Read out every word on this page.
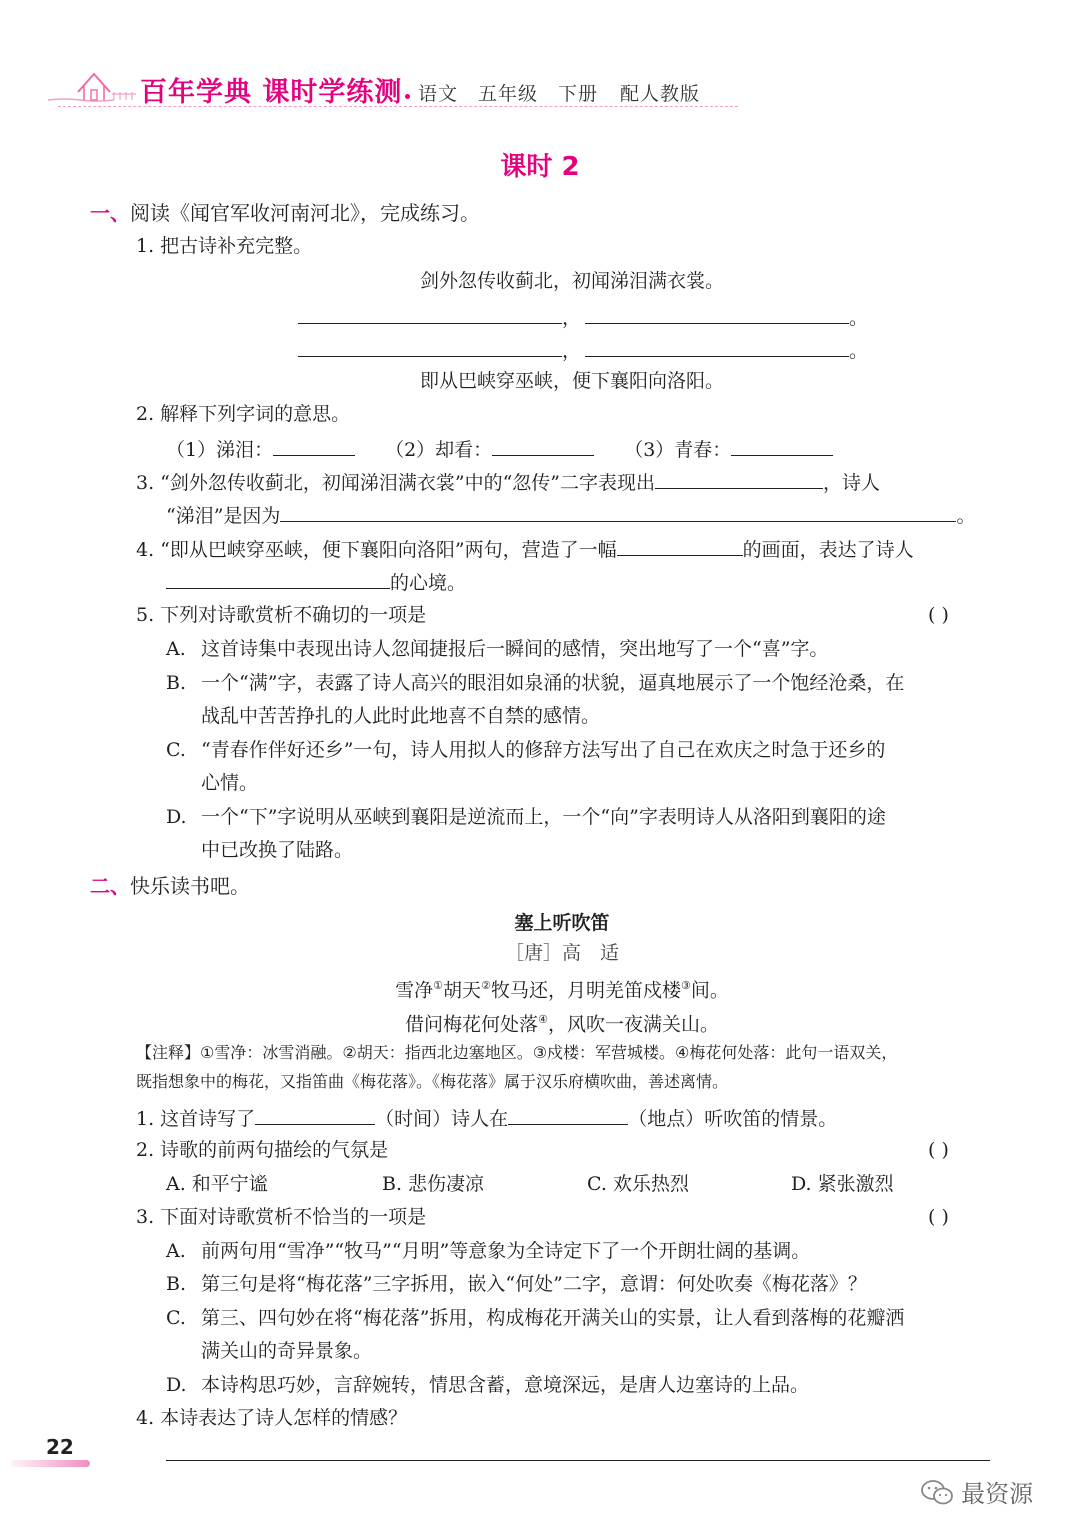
百年学典 课时学练测 语文 五年级 下册 配人教版
课时 2
一、阅读《闻官军收河南河北》，完成练习。
1. 把古诗补充完整。
剑外忽传收蓟北，初闻涕泪满衣裳。
，	。
，	。
即从巴峡穿巫峡，便下襄阳向洛阳。
2. 解释下列字词的意思。
（1）涕泪：	（2）却看：	（3）青春：
3. “剑外忽传收蓟北，初闻涕泪满衣裳”中的“忽传”二字表现出	，诗人
“涕泪”是因为	。
4. “即从巴峡穿巫峡，便下襄阳向洛阳”两句，营造了一幅	的画面，表达了诗人
的心境。
5. 下列对诗歌赏析不确切的一项是	( )
A. 这首诗集中表现出诗人忽闻捷报后一瞬间的感情，突出地写了一个“喜”字。
B. 一个“满”字，表露了诗人高兴的眼泪如泉涌的状貌，逼真地展示了一个饱经沧桑，在
战乱中苦苦挣扎的人此时此地喜不自禁的感情。
C. “青春作伴好还乡”一句，诗人用拟人的修辞方法写出了自己在欢庆之时急于还乡的
心情。
D. 一个“下”字说明从巫峡到襄阳是逆流而上，一个“向”字表明诗人从洛阳到襄阳的途
中已改换了陆路。
二、快乐读书吧。
塞上听吹笛
［唐］高　适
雪净①胡天②牧马还，月明羌笛戍楼③间。
借问梅花何处落④，风吹一夜满关山。
【注释】①雪净：冰雪消融。②胡天：指西北边塞地区。③戍楼：军营城楼。④梅花何处落：此句一语双关，
既指想象中的梅花，又指笛曲《梅花落》。《梅花落》属于汉乐府横吹曲，善述离情。
1. 这首诗写了	（时间）诗人在	（地点）听吹笛的情景。
2. 诗歌的前两句描绘的气氛是	( )
A. 和平宁谧	B. 悲伤凄凉	C. 欢乐热烈	D. 紧张激烈
3. 下面对诗歌赏析不恰当的一项是	( )
A. 前两句用“雪净”“牧马”“月明”等意象为全诗定下了一个开朗壮阔的基调。
B. 第三句是将“梅花落”三字拆用，嵌入“何处”二字，意谓：何处吹奏《梅花落》？
C. 第三、四句妙在将“梅花落”拆用，构成梅花开满关山的实景，让人看到落梅的花瓣洒
满关山的奇异景象。
D. 本诗构思巧妙，言辞婉转，情思含蓄，意境深远，是唐人边塞诗的上品。
4. 本诗表达了诗人怎样的情感？
22
最资源
